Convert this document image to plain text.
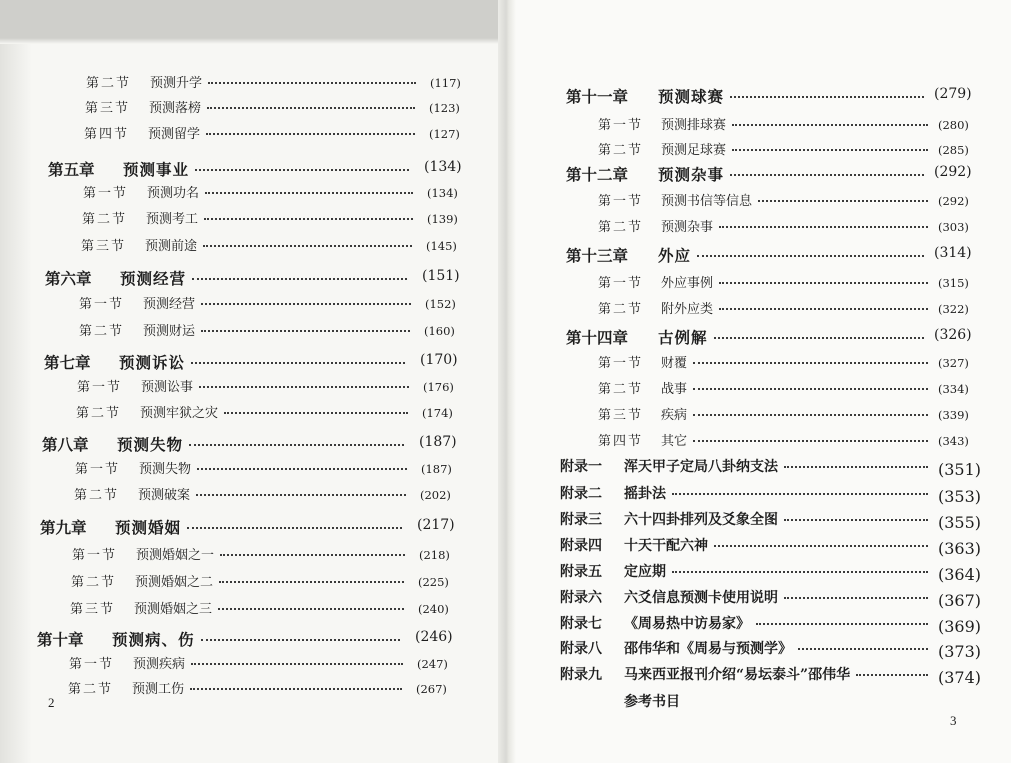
第二节 预测升学	(117)
第三节 预测落榜	(123)
第四节 预测留学	(127)
第五章 预测事业	(134)
第一节 预测功名	(134)
第二节 预测考工	(139)
第三节 预测前途	(145)
第六章 预测经营	(151)
第一节 预测经营	(152)
第二节 预测财运	(160)
第七章 预测诉讼	(170)
第一节 预测讼事	(176)
第二节 预测牢狱之灾	(174)
第八章 预测失物	(187)
第一节 预测失物	(187)
第二节 预测破案	(202)
第九章 预测婚姻	(217)
第一节 预测婚姻之一	(218)
第二节 预测婚姻之二	(225)
第三节 预测婚姻之三	(240)
第十章 预测病、伤	(246)
第一节 预测疾病	(247)
第二节 预测工伤	(267)
第十一章 预测球赛	(279)
第一节 预测排球赛	(280)
第二节 预测足球赛	(285)
第十二章 预测杂事	(292)
第一节 预测书信等信息	(292)
第二节 预测杂事	(303)
第十三章 外应	(314)
第一节 外应事例	(315)
第二节 附外应类	(322)
第十四章 古例解	(326)
第一节 财覆	(327)
第二节 战事	(334)
第三节 疾病	(339)
第四节 其它	(343)
附录一 浑天甲子定局八卦纳支法	(351)
附录二 摇卦法	(353)
附录三 六十四卦排列及爻象全图	(355)
附录四 十天干配六神	(363)
附录五 定应期	(364)
附录六 六爻信息预测卡使用说明	(367)
附录七 《周易热中访易家》	(369)
附录八 邵伟华和《周易与预测学》	(373)
附录九 马来西亚报刊介绍“易坛泰斗”邵伟华	(374)
参考书目
2
3
